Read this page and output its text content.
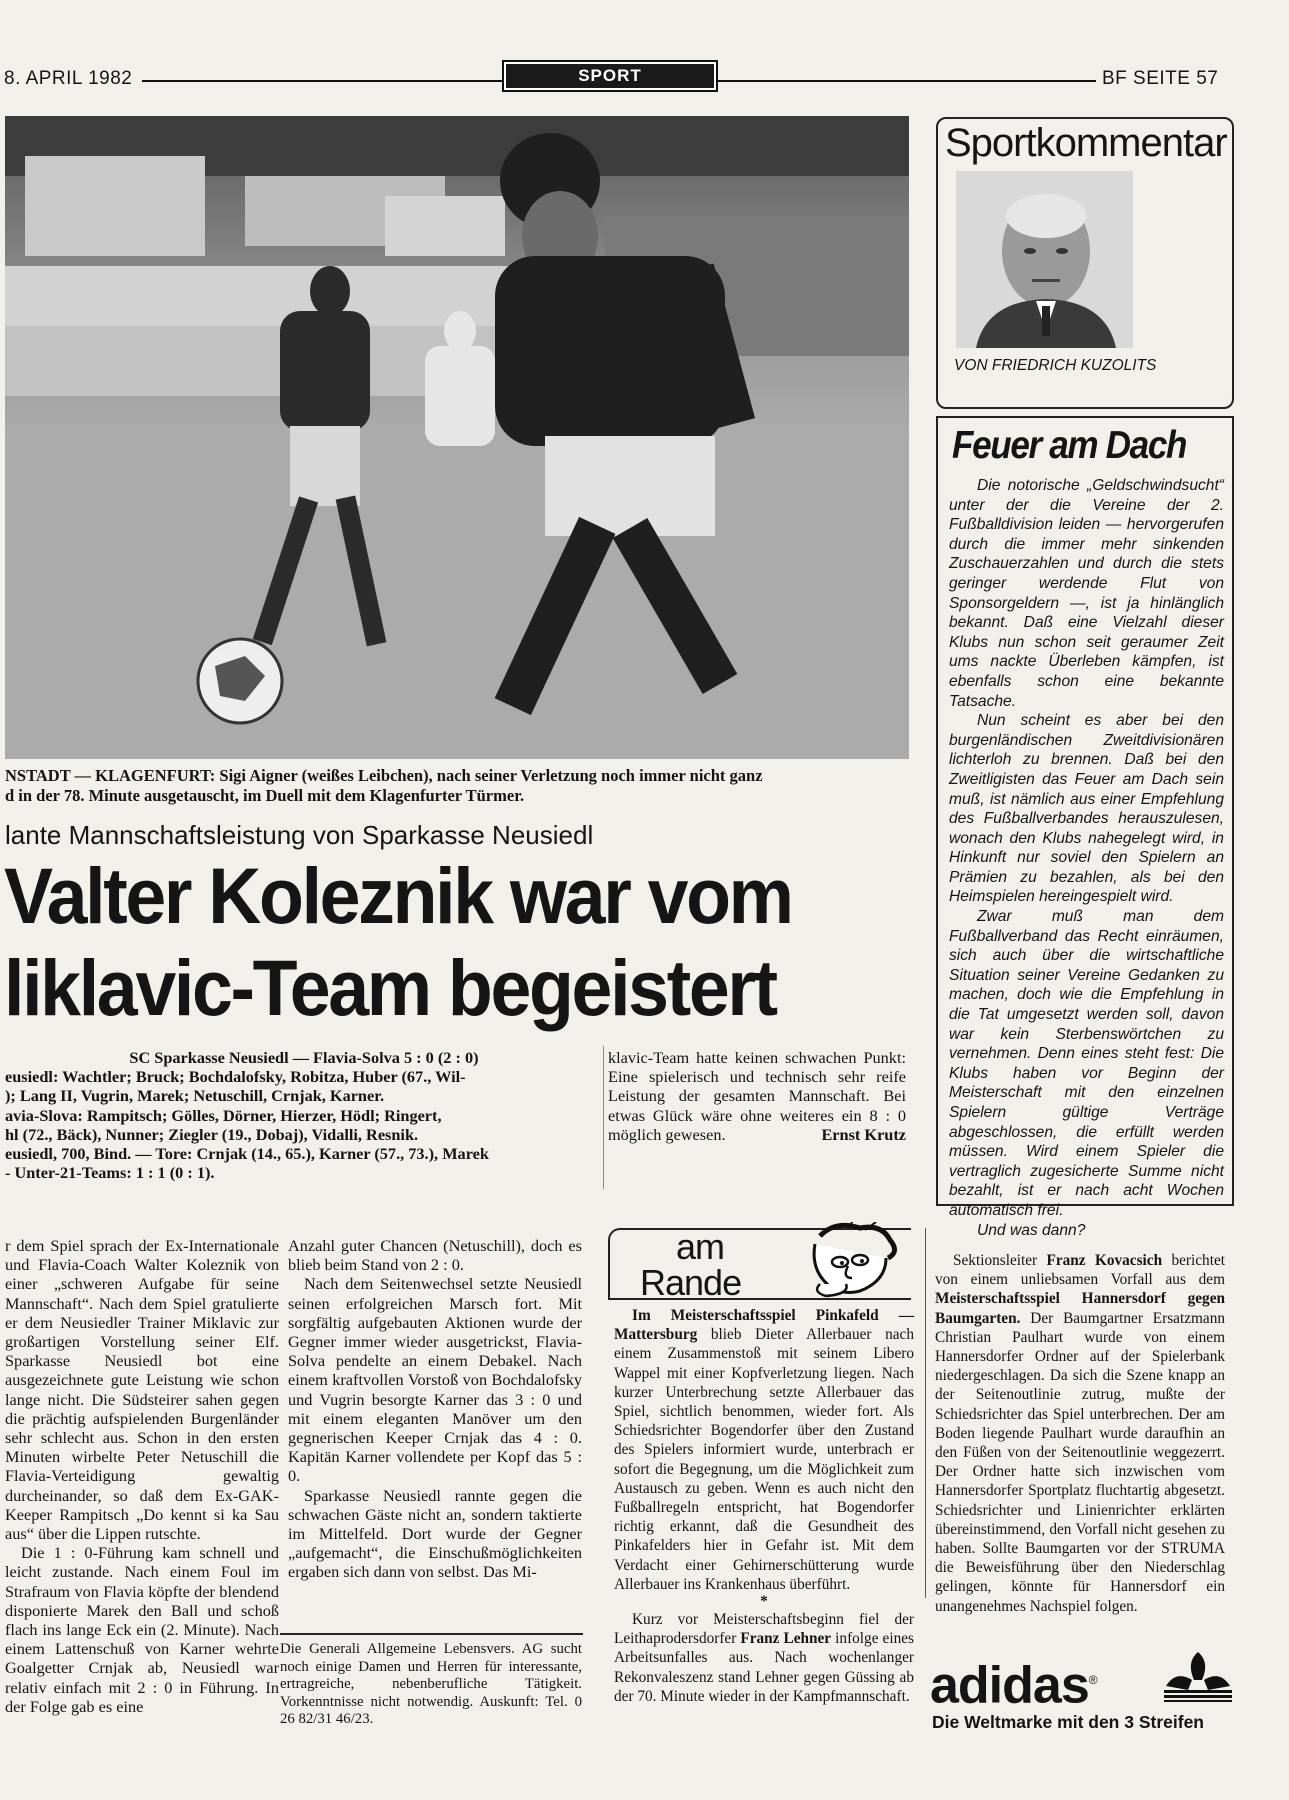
8. APRIL 1982	SPORT	BF SEITE 57
NSTADT — KLAGENFURT: Sigi Aigner (weißes Leibchen), nach seiner Verletzung noch immer nicht ganz
d in der 78. Minute ausgetauscht, im Duell mit dem Klagenfurter Türmer.
lante Mannschaftsleistung von Sparkasse Neusiedl
Valter Koleznik war vom
liklavic-Team begeistert
SC Sparkasse Neusiedl — Flavia-Solva 5 : 0 (2 : 0)
eusiedl: Wachtler; Bruck; Bochdalofsky, Robitza, Huber (67., Wil-
); Lang II, Vugrin, Marek; Netuschill, Crnjak, Karner.
avia-Slova: Rampitsch; Gölles, Dörner, Hierzer, Hödl; Ringert,
hl (72., Bäck), Nunner; Ziegler (19., Dobaj), Vidalli, Resnik.
eusiedl, 700, Bind. — Tore: Crnjak (14., 65.), Karner (57., 73.), Marek
- Unter-21-Teams: 1 : 1 (0 : 1).

klavic-Team hatte keinen schwachen Punkt: Eine spielerisch und technisch sehr reife Leistung der gesamten Mannschaft. Bei etwas Glück wäre ohne weiteres ein 8 : 0 möglich gewesen.	Ernst Krutz

r dem Spiel sprach der Ex-Internationale und Flavia-Coach Walter Koleznik von einer „schweren Aufgabe für seine Mannschaft“. Nach dem Spiel gratulierte er dem Neusiedler Trainer Miklavic zur großartigen Vorstellung seiner Elf. Sparkasse Neusiedl bot eine ausgezeichnete gute Leistung wie schon lange nicht. Die Südsteirer sahen gegen die prächtig aufspielenden Burgenländer sehr schlecht aus. Schon in den ersten Minuten wirbelte Peter Netuschill die Flavia-Verteidigung gewaltig durcheinander, so daß dem Ex-GAK-Keeper Rampitsch „Do kennt si ka Sau aus“ über die Lippen rutschte.

Die 1 : 0-Führung kam schnell und leicht zustande. Nach einem Foul im Strafraum von Flavia köpfte der blendend disponierte Marek den Ball und schoß flach ins lange Eck ein (2. Minute). Nach einem Lattenschuß von Karner wehrte Goalgetter Crnjak ab, Neusiedl war relativ einfach mit 2 : 0 in Führung. In der Folge gab es eine

Anzahl guter Chancen (Netuschill), doch es blieb beim Stand von 2 : 0.

Nach dem Seitenwechsel setzte Neusiedl seinen erfolgreichen Marsch fort. Mit sorgfältig aufgebauten Aktionen wurde der Gegner immer wieder ausgetrickst, Flavia-Solva pendelte an einem Debakel. Nach einem kraftvollen Vorstoß von Bochdalofsky und Vugrin besorgte Karner das 3 : 0 und mit einem eleganten Manöver um den gegnerischen Keeper Crnjak das 4 : 0. Kapitän Karner vollendete per Kopf das 5 : 0.

Sparkasse Neusiedl rannte gegen die schwachen Gäste nicht an, sondern taktierte im Mittelfeld. Dort wurde der Gegner „aufgemacht“, die Einschußmöglichkeiten ergaben sich dann von selbst. Das Mi-

Die Generali Allgemeine Lebensvers. AG sucht noch einige Damen und Herren für interessante, ertragreiche, nebenberufliche Tätigkeit. Vorkenntnisse nicht notwendig. Auskunft: Tel. 0 26 82/31 46/23.

Sportkommentar
VON FRIEDRICH KUZOLITS
Feuer am Dach

Die notorische „Geldschwindsucht“ unter der die Vereine der 2. Fußballdivision leiden — hervorgerufen durch die immer mehr sinkenden Zuschauerzahlen und durch die stets geringer werdende Flut von Sponsorgeldern —, ist ja hinlänglich bekannt. Daß eine Vielzahl dieser Klubs nun schon seit geraumer Zeit ums nackte Überleben kämpfen, ist ebenfalls schon eine bekannte Tatsache.

Nun scheint es aber bei den burgenländischen Zweitdivisionären lichterloh zu brennen. Daß bei den Zweitligisten das Feuer am Dach sein muß, ist nämlich aus einer Empfehlung des Fußballverbandes herauszulesen, wonach den Klubs nahegelegt wird, in Hinkunft nur soviel den Spielern an Prämien zu bezahlen, als bei den Heimspielen hereingespielt wird.

Zwar muß man dem Fußballverband das Recht einräumen, sich auch über die wirtschaftliche Situation seiner Vereine Gedanken zu machen, doch wie die Empfehlung in die Tat umgesetzt werden soll, davon war kein Sterbenswörtchen zu vernehmen. Denn eines steht fest: Die Klubs haben vor Beginn der Meisterschaft mit den einzelnen Spielern gültige Verträge abgeschlossen, die erfüllt werden müssen. Wird einem Spieler die vertraglich zugesicherte Summe nicht bezahlt, ist er nach acht Wochen automatisch frei.

Und was dann?

am
Rande

Im Meisterschaftsspiel Pinkafeld — Mattersburg blieb Dieter Allerbauer nach einem Zusammenstoß mit seinem Libero Wappel mit einer Kopfverletzung liegen. Nach kurzer Unterbrechung setzte Allerbauer das Spiel, sichtlich benommen, wieder fort. Als Schiedsrichter Bogendorfer über den Zustand des Spielers informiert wurde, unterbrach er sofort die Begegnung, um die Möglichkeit zum Austausch zu geben. Wenn es auch nicht den Fußballregeln entspricht, hat Bogendorfer richtig erkannt, daß die Gesundheit des Pinkafelders hier in Gefahr ist. Mit dem Verdacht einer Gehirnerschütterung wurde Allerbauer ins Krankenhaus überführt.

*

Kurz vor Meisterschaftsbeginn fiel der Leithaprodersdorfer Franz Lehner infolge eines Arbeitsunfalles aus. Nach wochenlanger Rekonvaleszenz stand Lehner gegen Güssing ab der 70. Minute wieder in der Kampfmannschaft.

Sektionsleiter Franz Kovacsich berichtet von einem unliebsamen Vorfall aus dem Meisterschaftsspiel Hannersdorf gegen Baumgarten. Der Baumgartner Ersatzmann Christian Paulhart wurde von einem Hannersdorfer Ordner auf der Spielerbank niedergeschlagen. Da sich die Szene knapp an der Seitenoutlinie zutrug, mußte der Schiedsrichter das Spiel unterbrechen. Der am Boden liegende Paulhart wurde daraufhin an den Füßen von der Seitenoutlinie weggezerrt. Der Ordner hatte sich inzwischen vom Hannersdorfer Sportplatz fluchtartig abgesetzt. Schiedsrichter und Linienrichter erklärten übereinstimmend, den Vorfall nicht gesehen zu haben. Sollte Baumgarten vor der STRUMA die Beweisführung über den Niederschlag gelingen, könnte für Hannersdorf ein unangenehmes Nachspiel folgen.

adidas®
Die Weltmarke mit den 3 Streifen
